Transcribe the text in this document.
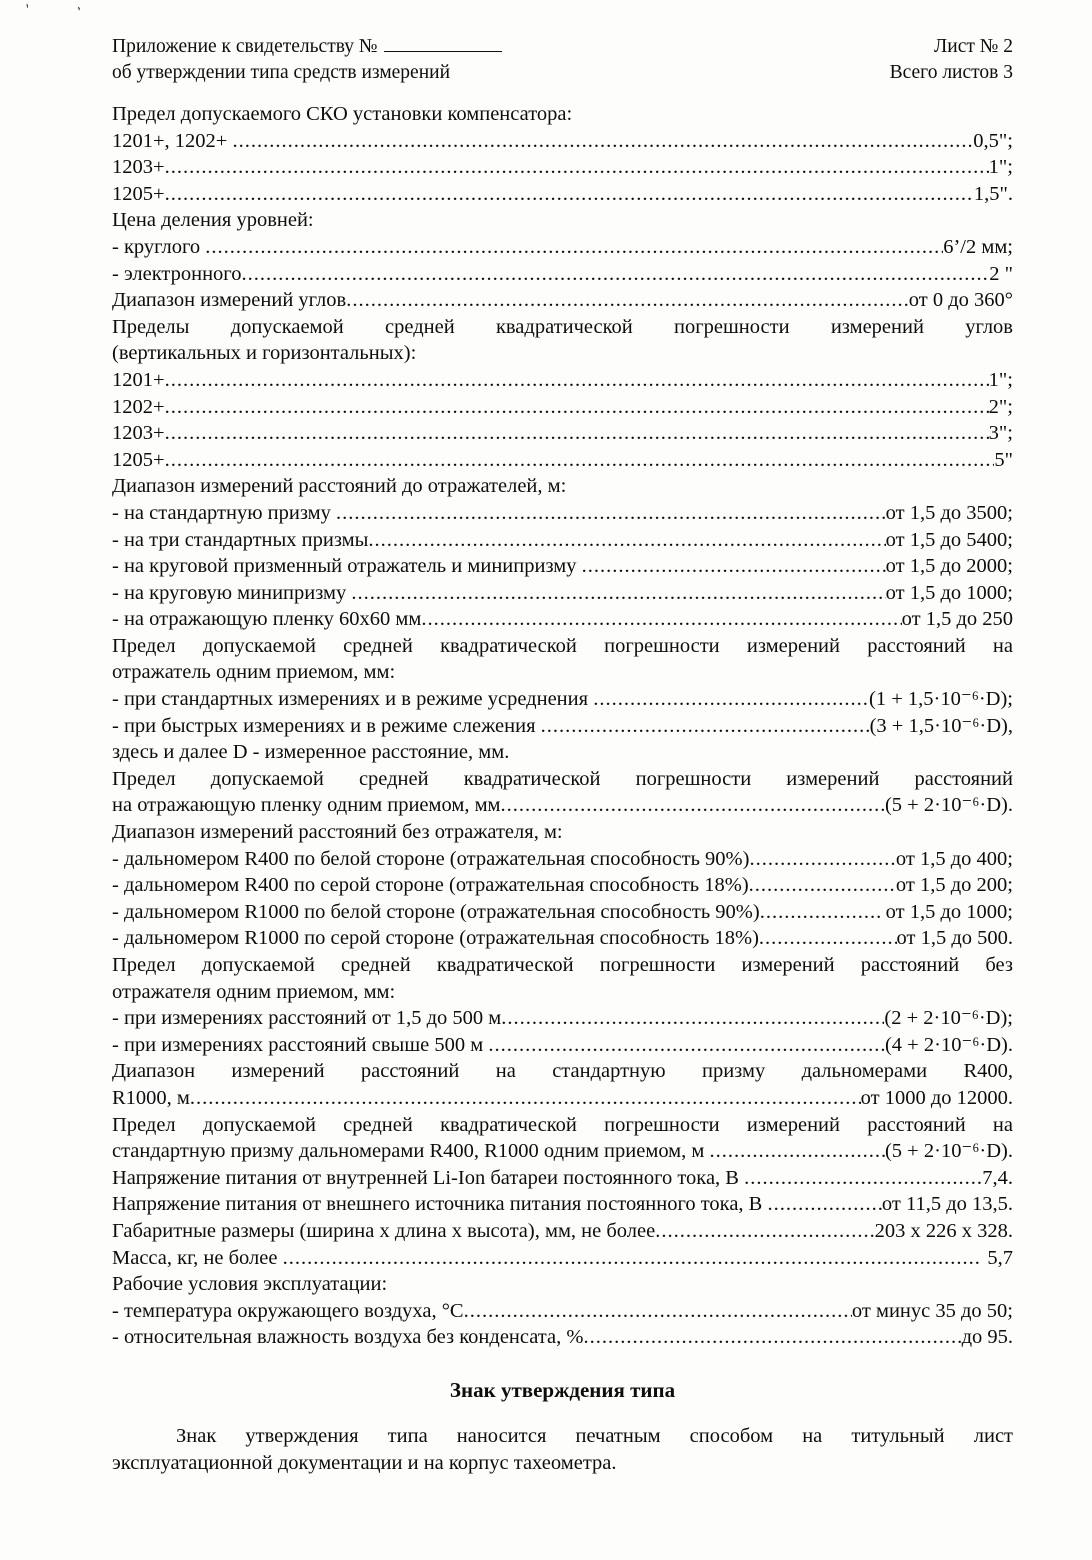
'	`
Приложение к свидетельству №
об утверждении типа средств измерений
Лист № 2
Всего листов 3
Предел допускаемого СКО установки компенсатора:
1201+, 1202+ .....	0,5";
1203+ .....	1";
1205+ .....	1,5".
Цена деления уровней:
- круглого .....	6’/2 мм;
- электронного .....	2 "
Диапазон измерений углов .....	от 0 до 360°
Пределы допускаемой средней квадратической погрешности измерений углов
(вертикальных и горизонтальных):
1201+ .....	1";
1202+ .....	2";
1203+ .....	3";
1205+ .....	5"
Диапазон измерений расстояний до отражателей, м:
- на стандартную призму .....	от 1,5 до 3500;
- на три стандартных призмы .....	от 1,5 до 5400;
- на круговой призменный отражатель и минипризму .....	от 1,5 до 2000;
- на круговую минипризму .....	от 1,5 до 1000;
- на отражающую пленку 60х60 мм .....	от 1,5 до 250
Предел допускаемой средней квадратической погрешности измерений расстояний на
отражатель одним приемом, мм:
- при стандартных измерениях и в режиме усреднения .....	(1 + 1,5·10⁻⁶·D);
- при быстрых измерениях и в режиме слежения .....	(3 + 1,5·10⁻⁶·D),
здесь и далее D - измеренное расстояние, мм.
Предел допускаемой средней квадратической погрешности измерений расстояний
на отражающую пленку одним приемом, мм .....	(5 + 2·10⁻⁶·D).
Диапазон измерений расстояний без отражателя, м:
- дальномером R400 по белой стороне (отражательная способность 90%) .....	от 1,5 до 400;
- дальномером R400 по серой стороне (отражательная способность 18%) .....	от 1,5 до 200;
- дальномером R1000 по белой стороне (отражательная способность 90%) .....	от 1,5 до 1000;
- дальномером R1000 по серой стороне (отражательная способность 18%) .....	от 1,5 до 500.
Предел допускаемой средней квадратической погрешности измерений расстояний без
отражателя одним приемом, мм:
- при измерениях расстояний от 1,5 до 500 м .....	(2 + 2·10⁻⁶·D);
- при измерениях расстояний свыше 500 м .....	(4 + 2·10⁻⁶·D).
Диапазон измерений расстояний на стандартную призму дальномерами R400,
R1000, м .....	от 1000 до 12000.
Предел допускаемой средней квадратической погрешности измерений расстояний на
стандартную призму дальномерами R400, R1000 одним приемом, м .....	(5 + 2·10⁻⁶·D).
Напряжение питания от внутренней Li-Ion батареи постоянного тока, В .....	7,4.
Напряжение питания от внешнего источника питания постоянного тока, В .....	от 11,5 до 13,5.
Габаритные размеры (ширина х длина х высота), мм, не более .....	203 х 226 х 328.
Масса, кг, не более .....	5,7
Рабочие условия эксплуатации:
- температура окружающего воздуха, °С .....	от минус 35 до 50;
- относительная влажность воздуха без конденсата, % .....	до 95.
Знак утверждения типа

Знак утверждения типа наносится печатным способом на титульный лист

эксплуатационной документации и на корпус тахеометра.
